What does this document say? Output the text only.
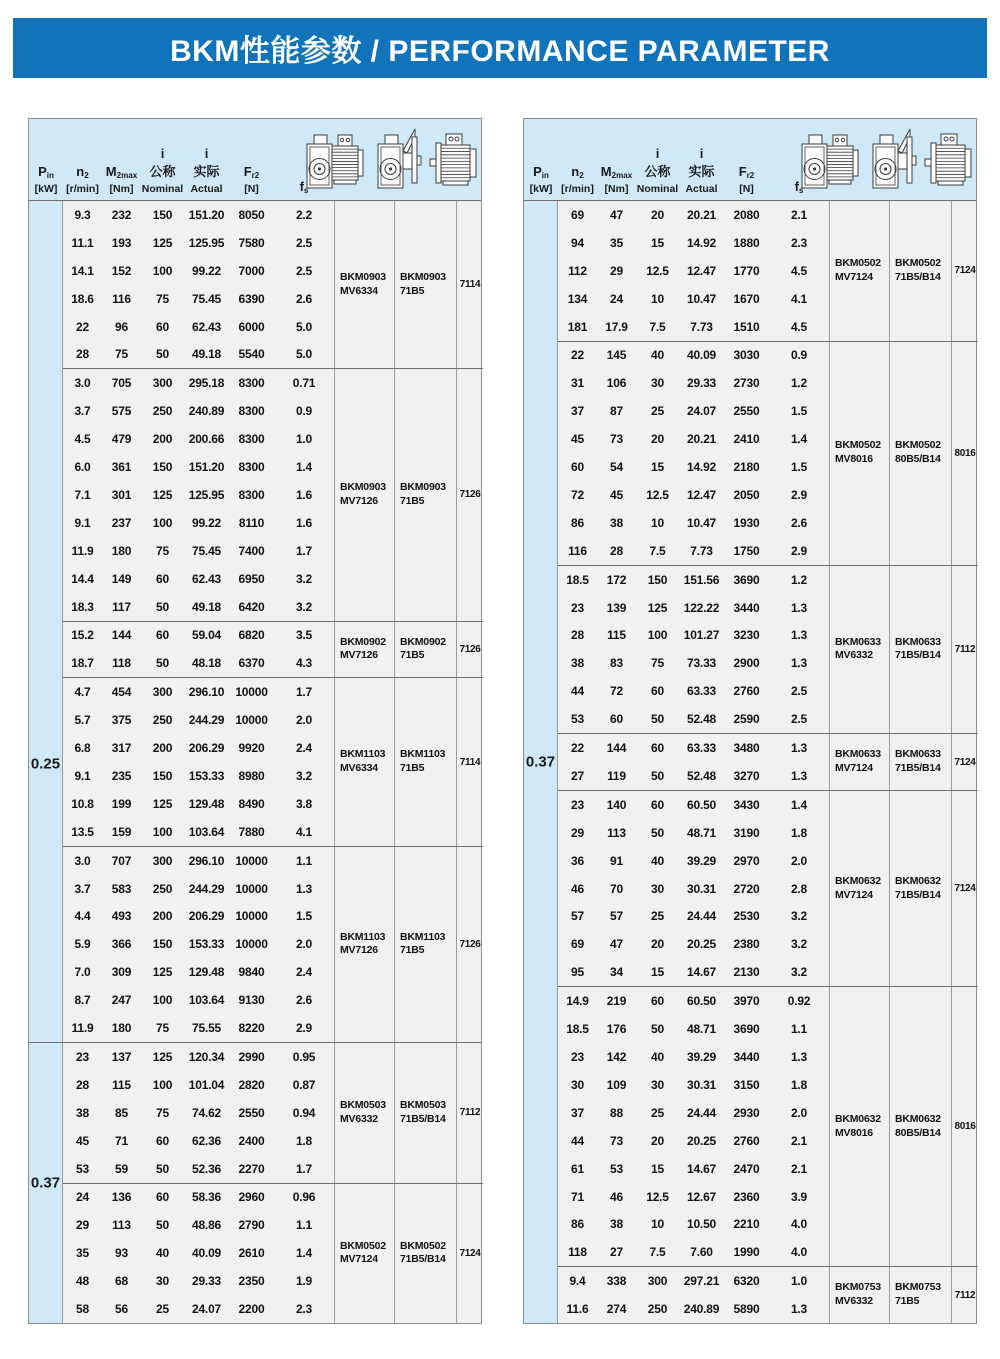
BKM性能参数 / PERFORMANCE PARAMETER
$P_{in}$
[kW]
$n_2$
[r/min]
$M_{2max}$
[Nm]
i
公称
Nominal
i
实际
Actual
$F_{r2}$
[N]	$f_s$
0.25
9.3	232	150	151.20	8050	2.2
11.1	193	125	125.95	7580	2.5
14.1	152	100	99.22	7000	2.5
18.6	116	75	75.45	6390	2.6
22	96	60	62.43	6000	5.0
28	75	50	49.18	5540	5.0
BKM0903
MV6334
BKM0903
71B5	7114
3.0	705	300	295.18	8300	0.71
3.7	575	250	240.89	8300	0.9
4.5	479	200	200.66	8300	1.0
6.0	361	150	151.20	8300	1.4
7.1	301	125	125.95	8300	1.6
9.1	237	100	99.22	8110	1.6
11.9	180	75	75.45	7400	1.7
14.4	149	60	62.43	6950	3.2
18.3	117	50	49.18	6420	3.2
BKM0903
MV7126
BKM0903
71B5	7126
15.2	144	60	59.04	6820	3.5
18.7	118	50	48.18	6370	4.3
BKM0902
MV7126
BKM0902
71B5	7126
4.7	454	300	296.10 10000	1.7
5.7	375	250	244.29 10000	2.0
6.8	317	200	206.29	9920	2.4
9.1	235	150	153.33	8980	3.2
10.8	199	125	129.48	8490	3.8
13.5	159	100	103.64	7880	4.1
BKM1103
MV6334
BKM1103
71B5	7114
3.0	707	300	296.10 10000	1.1
3.7	583	250	244.29 10000	1.3
4.4	493	200	206.29 10000	1.5
5.9	366	150	153.33 10000	2.0
7.0	309	125	129.48	9840	2.4
8.7	247	100	103.64	9130	2.6
11.9	180	75	75.55	8220	2.9
BKM1103
MV7126
BKM1103
71B5	7126
0.37
23	137	125	120.34	2990	0.95
28	115	100	101.04	2820	0.87
38	85	75	74.62	2550	0.94
45	71	60	62.36	2400	1.8
53	59	50	52.36	2270	1.7
BKM0503
MV6332
BKM0503
71B5/B14	7112
24	136	60	58.36	2960	0.96
29	113	50	48.86	2790	1.1
35	93	40	40.09	2610	1.4
48	68	30	29.33	2350	1.9
58	56	25	24.07	2200	2.3
BKM0502
MV7124
BKM0502
71B5/B14	7124
$P_{in}$
[kW]
$n_2$
[r/min]
$M_{2max}$
[Nm]
i
公称
Nominal
i
实际
Actual
$F_{r2}$
[N]	$f_s$
0.37
69	47	20	20.21	2080	2.1
94	35	15	14.92	1880	2.3
112	29	12.5	12.47	1770	4.5
134	24	10	10.47	1670	4.1
181	17.9	7.5	7.73	1510	4.5
BKM0502
MV7124
BKM0502
71B5/B14	7124
22	145	40	40.09	3030	0.9
31	106	30	29.33	2730	1.2
37	87	25	24.07	2550	1.5
45	73	20	20.21	2410	1.4
60	54	15	14.92	2180	1.5
72	45	12.5	12.47	2050	2.9
86	38	10	10.47	1930	2.6
116	28	7.5	7.73	1750	2.9
BKM0502
MV8016
BKM0502
80B5/B14	8016
18.5	172	150	151.56	3690	1.2
23	139	125	122.22	3440	1.3
28	115	100	101.27	3230	1.3
38	83	75	73.33	2900	1.3
44	72	60	63.33	2760	2.5
53	60	50	52.48	2590	2.5
BKM0633
MV6332
BKM0633
71B5/B14	7112
22	144	60	63.33	3480	1.3
27	119	50	52.48	3270	1.3
BKM0633
MV7124
BKM0633
71B5/B14	7124
23	140	60	60.50	3430	1.4
29	113	50	48.71	3190	1.8
36	91	40	39.29	2970	2.0
46	70	30	30.31	2720	2.8
57	57	25	24.44	2530	3.2
69	47	20	20.25	2380	3.2
95	34	15	14.67	2130	3.2
BKM0632
MV7124
BKM0632
71B5/B14	7124
14.9	219	60	60.50	3970	0.92
18.5	176	50	48.71	3690	1.1
23	142	40	39.29	3440	1.3
30	109	30	30.31	3150	1.8
37	88	25	24.44	2930	2.0
44	73	20	20.25	2760	2.1
61	53	15	14.67	2470	2.1
71	46	12.5	12.67	2360	3.9
86	38	10	10.50	2210	4.0
118	27	7.5	7.60	1990	4.0
BKM0632
MV8016
BKM0632
80B5/B14	8016
9.4	338	300	297.21	6320	1.0
11.6	274	250	240.89	5890	1.3
BKM0753
MV6332
BKM0753
71B5	7112
